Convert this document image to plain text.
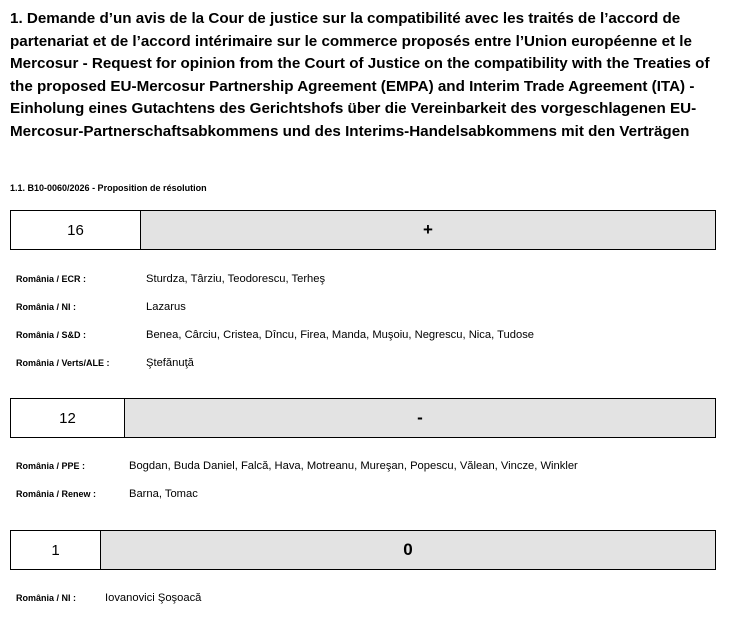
1. Demande d’un avis de la Cour de justice sur la compatibilité avec les traités de l’accord de partenariat et de l’accord intérimaire sur le commerce proposés entre l’Union européenne et le Mercosur - Request for opinion from the Court of Justice on the compatibility with the Treaties of the proposed EU-Mercosur Partnership Agreement (EMPA) and Interim Trade Agreement (ITA) - Einholung eines Gutachtens des Gerichtshofs über die Vereinbarkeit des vorgeschlagenen EU-Mercosur-Partnerschaftsabkommens und des Interims-Handelsabkommens mit den Verträgen

1.1. B10-0060/2026 - Proposition de résolution
16	+
România / ECR :	Sturdza, Târziu, Teodorescu, Terheş
România / NI :	Lazarus
România / S&D :	Benea, Cârciu, Cristea, Dîncu, Firea, Manda, Muşoiu, Negrescu, Nica, Tudose
România / Verts/ALE :	Ştefănuţă
12	-
România / PPE :	Bogdan, Buda Daniel, Falcă, Hava, Motreanu, Mureşan, Popescu, Vălean, Vincze, Winkler
România / Renew :	Barna, Tomac
1	0
România / NI :	Iovanovici Şoşoacă
